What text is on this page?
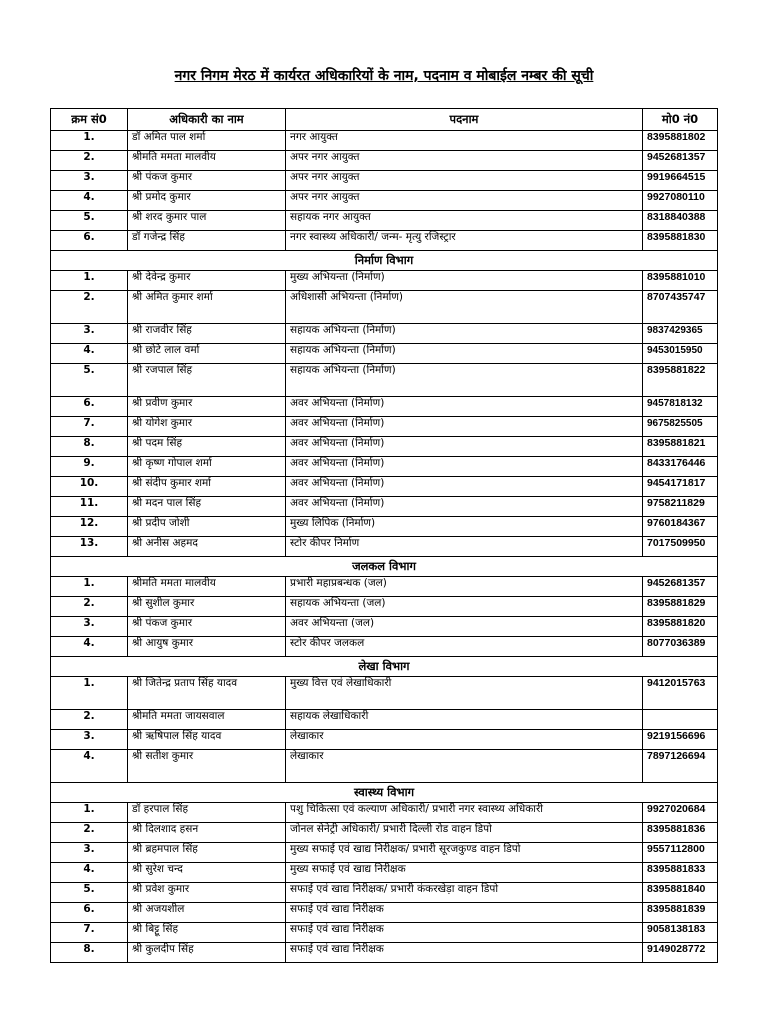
नगर निगम मेरठ में कार्यरत अधिकारियों के नाम, पदनाम व मोबाईल नम्बर की सूची
क्रम सं0	अधिकारी का नाम	पदनाम	मो0 नं0
1.	डॉ अमित पाल शर्मा	नगर आयुक्त	8395881802
2.	श्रीमति ममता मालवीय	अपर नगर आयुक्त	9452681357
3.	श्री पंकज कुमार	अपर नगर आयुक्त	9919664515
4.	श्री प्रमोद कुमार	अपर नगर आयुक्त	9927080110
5.	श्री शरद कुमार पाल	सहायक नगर आयुक्त	8318840388
6.	डॉ गजेन्द्र सिंह	नगर स्वास्थ्य अधिकारी/ जन्म- मृत्यु रजिस्ट्रार	8395881830
निर्माण विभाग			
1.	श्री देवेन्द्र कुमार	मुख्य अभियन्ता (निर्माण)	8395881010
2.	श्री अमित कुमार शर्मा	अधिशासी अभियन्ता (निर्माण)	8707435747
3.	श्री राजवीर सिंह	सहायक अभियन्ता (निर्माण)	9837429365
4.	श्री छोटे लाल वर्मा	सहायक अभियन्ता (निर्माण)	9453015950
5.	श्री रजपाल सिंह	सहायक अभियन्ता (निर्माण)	8395881822
6.	श्री प्रवीण कुमार	अवर अभियन्ता (निर्माण)	9457818132
7.	श्री योगेश कुमार	अवर अभियन्ता (निर्माण)	9675825505
8.	श्री पदम सिंह	अवर अभियन्ता (निर्माण)	8395881821
9.	श्री कृष्ण गोपाल शर्मा	अवर अभियन्ता (निर्माण)	8433176446
10.	श्री संदीप कुमार शर्मा	अवर अभियन्ता (निर्माण)	9454171817
11.	श्री मदन पाल सिंह	अवर अभियन्ता (निर्माण)	9758211829
12.	श्री प्रदीप जोशी	मुख्य लिपिक (निर्माण)	9760184367
13.	श्री अनीस अहमद	स्टोर कीपर निर्माण	7017509950
जलकल विभाग			
1.	श्रीमति ममता मालवीय	प्रभारी महाप्रबन्धक (जल)	9452681357
2.	श्री सुशील कुमार	सहायक अभियन्ता (जल)	8395881829
3.	श्री पंकज कुमार	अवर अभियन्ता (जल)	8395881820
4.	श्री आयुष कुमार	स्टोर कीपर जलकल	8077036389
लेखा विभाग			
1.	श्री जितेन्द्र प्रताप सिंह यादव	मुख्य वित्त एवं लेखाधिकारी	9412015763
2.	श्रीमति ममता जायसवाल	सहायक लेखाधिकारी	
3.	श्री ऋषिपाल सिंह यादव	लेखाकार	9219156696
4.	श्री सतीश कुमार	लेखाकार	7897126694
स्वास्थ्य विभाग			
1.	डॉ हरपाल सिंह	पशु चिकित्सा एवं कल्याण अधिकारी/ प्रभारी नगर स्वास्थ्य अधिकारी	9927020684
2.	श्री दिलशाद हसन	जोनल सेनेट्री अधिकारी/ प्रभारी दिल्ली रोड वाहन डिपो	8395881836
3.	श्री ब्रहमपाल सिंह	मुख्य सफाई एवं खाद्य निरीक्षक/ प्रभारी सूरजकुण्ड वाहन डिपो	9557112800
4.	श्री सुरेश चन्द	मुख्य सफाई एवं खाद्य निरीक्षक	8395881833
5.	श्री प्रवेश कुमार	सफाई एवं खाद्य निरीक्षक/ प्रभारी कंकरखेड़ा वाहन डिपो	8395881840
6.	श्री अजयशील	सफाई एवं खाद्य निरीक्षक	8395881839
7.	श्री बिट्टू सिंह	सफाई एवं खाद्य निरीक्षक	9058138183
8.	श्री कुलदीप सिंह	सफाई एवं खाद्य निरीक्षक	9149028772
